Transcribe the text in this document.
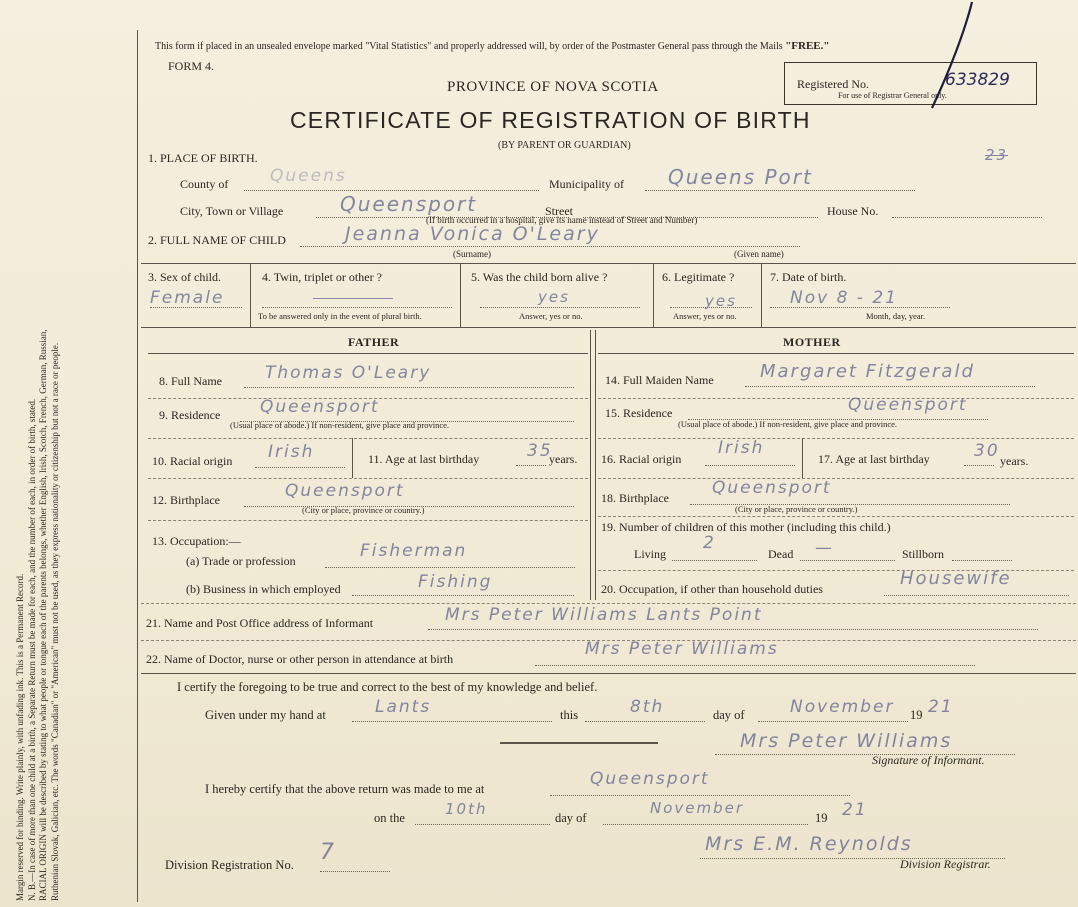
Margin reserved for binding. Write plainly, with unfading ink. This is a Permanent Record. N. B.—In case of more than one child at a birth, a Separate Return must be made for each, and the number of each, in order of birth, stated. RACIAL ORIGIN will be described by stating to what people or tongue each of the parents belongs, whether English, Irish, Scotch, French, German, Russian, Ruthenian Slovak, Galician, etc. The words "Canadian" or "American" must not be used, as they express nationality or citizenship but not a race or people.

This form if placed in an unsealed envelope marked "Vital Statistics" and properly addressed will, by order of the Postmaster General pass through the Mails "FREE."
FORM 4.
PROVINCE OF NOVA SCOTIA
CERTIFICATE OF REGISTRATION OF BIRTH
(BY PARENT OR GUARDIAN)
Registered No.	633829
For use of Registrar General only.
23
1. PLACE OF BIRTH.
County of Queens	Municipality of Queens Port
City, Town or Village	Queensport	Street	House No.
(If birth occurred in a hospital, give its name instead of Street and Number)
2. FULL NAME OF CHILD	Jeanna Vonica O'Leary
(Surname)	(Given name)
3. Sex of child.
Female
4. Twin, triplet or other ?
To be answered only in the event of plural birth.
5. Was the child born alive ?
yes
Answer, yes or no.
6. Legitimate ?
yes
Answer, yes or no.
7. Date of birth.
Nov 8 - 21
Month, day, year.
FATHER	MOTHER
8. Full Name	Thomas O'Leary
9. Residence Queensport
(Usual place of abode.) If non-resident, give place and province.
10. Racial origin Irish	11. Age at last birthday	35
years.
12. Birthplace	Queensport
(City or place, province or country.)
13. Occupation:—
(a) Trade or profession	Fisherman
(b) Business in which employed	Fishing
14. Full Maiden Name	Margaret Fitzgerald
15. Residence	Queensport
(Usual place of abode.) If non-resident, give place and province.
16. Racial origin
Irish
17. Age at last birthday	30 years.
18. Birthplace	Queensport
(City or place, province or country.)
19. Number of children of this mother (including this child.)
Living
2
Dead —	Stillborn
20. Occupation, if other than household duties	Housewife
21. Name and Post Office address of Informant	Mrs Peter Williams Lants Point
22. Name of Doctor, nurse or other person in attendance at birth	Mrs Peter Williams
I certify the foregoing to be true and correct to the best of my knowledge and belief.
Given under my hand at	Lants	this	8th	day of	November 19 21
Mrs Peter Williams
Signature of Informant.
I hereby certify that the above return was made to me at	Queensport
on the	10th	day of
November
19 21
Division Registration No. 7	Mrs E.M. Reynolds
Division Registrar.
